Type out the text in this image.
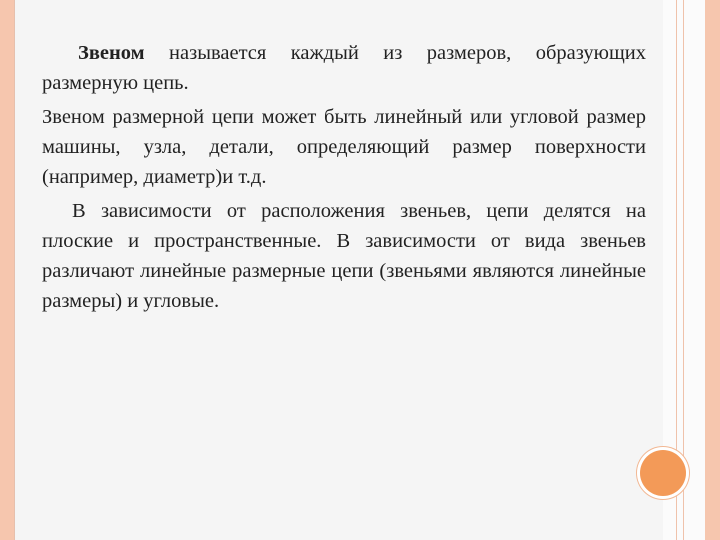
Звеном называется каждый из размеров, образующих размерную цепь.

Звеном размерной цепи может быть линейный или угловой размер машины, узла, детали, определяющий размер поверхности (например, диаметр)и т.д.

В зависимости от расположения звеньев, цепи делятся на плоские и пространственные. В зависимости от вида звеньев различают линейные размерные цепи (звеньями являются линейные размеры) и угловые.
